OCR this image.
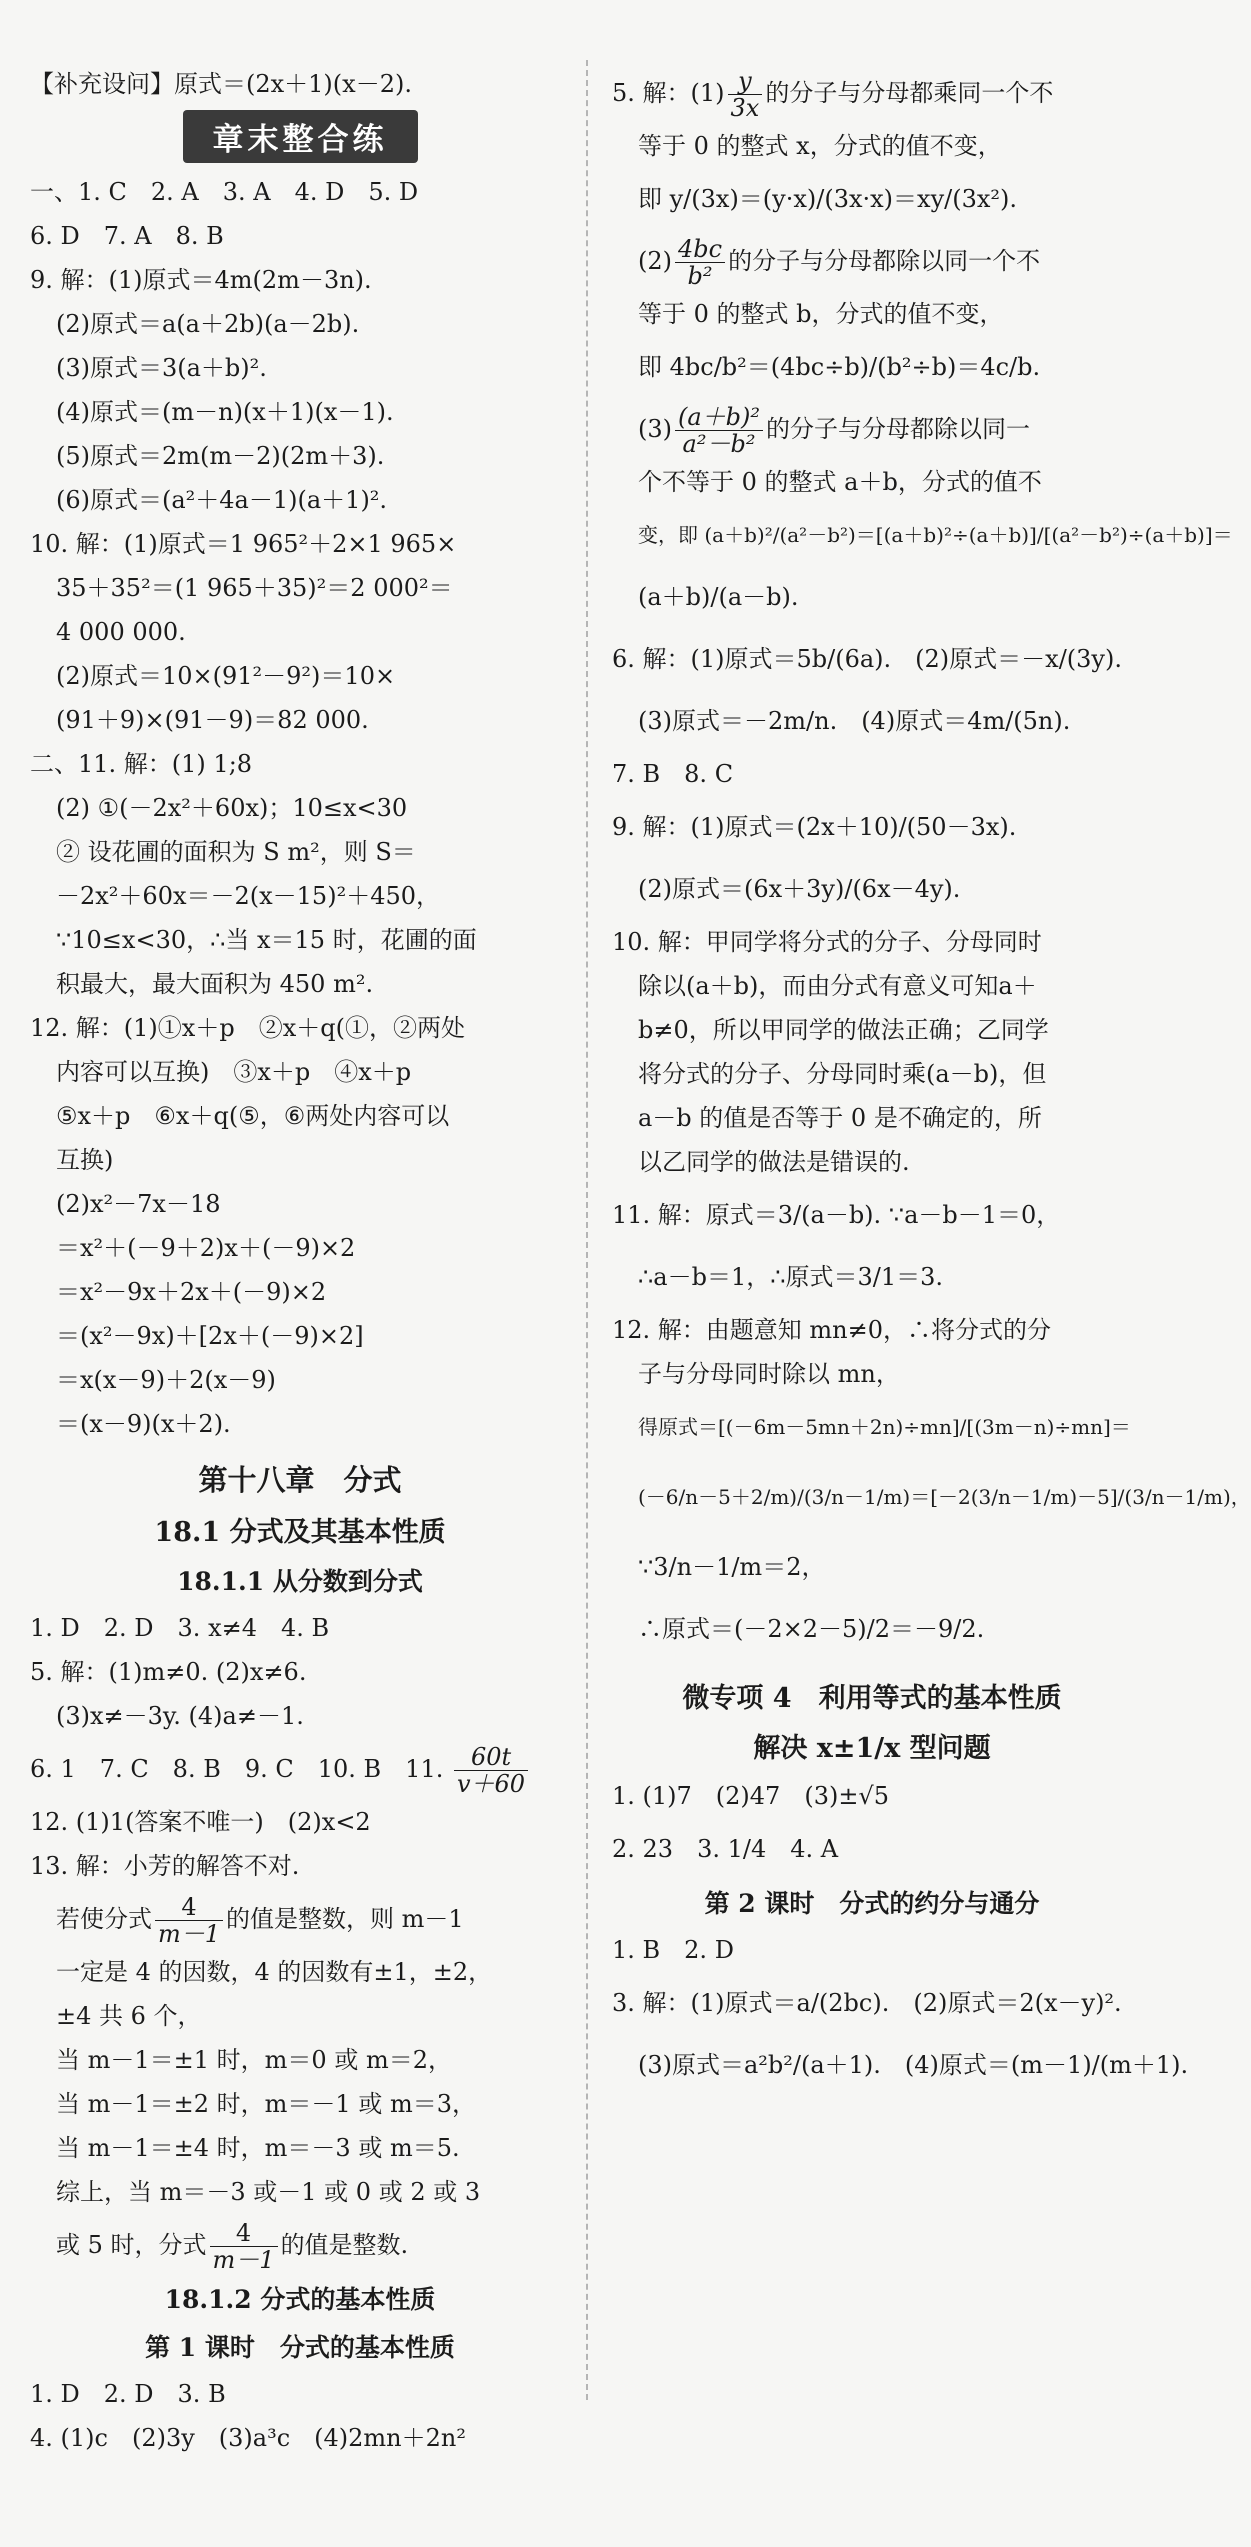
【补充设问】原式＝(2x＋1)(x－2).
章末整合练
一、1. C　2. A　3. A　4. D　5. D
6. D　7. A　8. B
9. 解：(1)原式＝4m(2m－3n).
(2)原式＝a(a＋2b)(a－2b).
(3)原式＝3(a＋b)².
(4)原式＝(m－n)(x＋1)(x－1).
(5)原式＝2m(m－2)(2m＋3).
(6)原式＝(a²＋4a－1)(a＋1)².
10. 解：(1)原式＝1 965²＋2×1 965×
35＋35²＝(1 965＋35)²＝2 000²＝
4 000 000.
(2)原式＝10×(91²－9²)＝10×
(91＋9)×(91－9)＝82 000.
二、11. 解：(1) 1;8
(2) ①(－2x²＋60x)；10≤x<30
② 设花圃的面积为 S m²，则 S＝
－2x²＋60x＝－2(x－15)²＋450，
∵10≤x<30，∴当 x＝15 时，花圃的面
积最大，最大面积为 450 m².
12. 解：(1)①x＋p　②x＋q(①，②两处
内容可以互换)　③x＋p　④x＋p
⑤x＋p　⑥x＋q(⑤，⑥两处内容可以
互换)
(2)x²－7x－18
＝x²＋(－9＋2)x＋(－9)×2
＝x²－9x＋2x＋(－9)×2
＝(x²－9x)＋[2x＋(－9)×2]
＝x(x－9)＋2(x－9)
＝(x－9)(x＋2).
第十八章　分式
18.1 分式及其基本性质
18.1.1 从分数到分式
1. D　2. D　3. x≠4　4. B
5. 解：(1)m≠0. (2)x≠6.
(3)x≠－3y. (4)a≠－1.
6. 1　7. C　8. B　9. C　10. B　11. $\frac{60t}{v+60}$
12. (1)1(答案不唯一)　(2)x<2
13. 解：小芳的解答不对.
若使分式 $\frac{4}{m-1}$ 的值是整数，则 m－1
一定是 4 的因数，4 的因数有±1，±2，
±4 共 6 个，
当 m－1＝±1 时，m＝0 或 m＝2，
当 m－1＝±2 时，m＝－1 或 m＝3，
当 m－1＝±4 时，m＝－3 或 m＝5.
综上，当 m＝－3 或－1 或 0 或 2 或 3
或 5 时，分式 $\frac{4}{m-1}$ 的值是整数.
18.1.2 分式的基本性质
第 1 课时　分式的基本性质
1. D　2. D　3. B
4. (1)c　(2)3y　(3)a³c　(4)2mn＋2n²
5. 解：$(1) \frac{y}{3x}$ 的分子与分母都乘同一个不
等于 0 的整式 x，分式的值不变，
即 y/(3x)＝(y·x)/(3x·x)＝xy/(3x²).
$(2) \frac{4bc}{\text{b²}}$ 的分子与分母都除以同一个不
等于 0 的整式 b，分式的值不变，
即 4bc/b²＝(4bc÷b)/(b²÷b)＝4c/b.
$(3) \frac{\text{(a＋b)²}}{\text{a²－b²}}$ 的分子与分母都除以同一
个不等于 0 的整式 a＋b，分式的值不
变，即 (a＋b)²/(a²－b²)＝[(a＋b)²÷(a＋b)]/[(a²－b²)÷(a＋b)]＝
(a＋b)/(a－b).
6. 解：(1)原式＝5b/(6a).　(2)原式＝－x/(3y).
(3)原式＝－2m/n.　(4)原式＝4m/(5n).
7. B　8. C
9. 解：(1)原式＝(2x＋10)/(50－3x).
(2)原式＝(6x＋3y)/(6x－4y).
10. 解：甲同学将分式的分子、分母同时
除以(a＋b)，而由分式有意义可知a＋
b≠0，所以甲同学的做法正确；乙同学
将分式的分子、分母同时乘(a－b)，但
a－b 的值是否等于 0 是不确定的，所
以乙同学的做法是错误的.
11. 解：原式＝3/(a－b). ∵a－b－1＝0，
∴a－b＝1，∴原式＝3/1＝3.
12. 解：由题意知 mn≠0，∴将分式的分
子与分母同时除以 mn，
得原式＝[(－6m－5mn＋2n)÷mn]/[(3m－n)÷mn]＝
(－6/n－5＋2/m)/(3/n－1/m)＝[－2(3/n－1/m)－5]/(3/n－1/m)，
∵3/n－1/m＝2，
∴原式＝(－2×2－5)/2＝－9/2.
微专项 4　利用等式的基本性质
解决 x±1/x 型问题
1. (1)7　(2)47　(3)±√5
2. 23　3. 1/4　4. A
第 2 课时　分式的约分与通分
1. B　2. D
3. 解：(1)原式＝a/(2bc).　(2)原式＝2(x－y)².
(3)原式＝a²b²/(a＋1).　(4)原式＝(m－1)/(m＋1).
